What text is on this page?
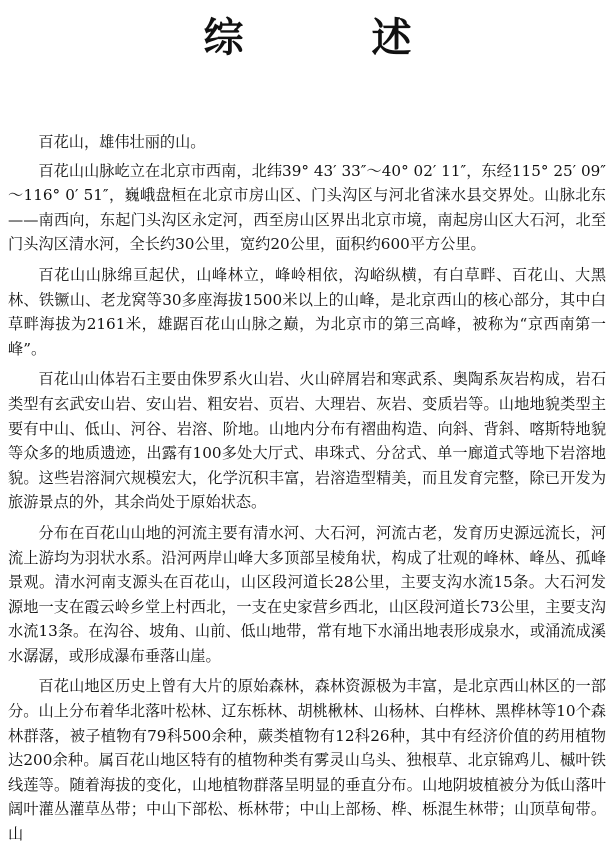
综　述

百花山，雄伟壮丽的山。

百花山山脉屹立在北京市西南，北纬39° 43′ 33″～40° 02′ 11″，东经115° 25′ 09″～116° 0′ 51″，巍峨盘桓在北京市房山区、门头沟区与河北省涞水县交界处。山脉北东——南西向，东起门头沟区永定河，西至房山区界出北京市境，南起房山区大石河，北至门头沟区清水河，全长约30公里，宽约20公里，面积约600平方公里。

百花山山脉绵亘起伏，山峰林立，峰岭相依，沟峪纵横，有白草畔、百花山、大黑林、铁镢山、老龙窝等30多座海拔1500米以上的山峰，是北京西山的核心部分，其中白草畔海拔为2161米，雄踞百花山山脉之巅，为北京市的第三高峰，被称为“京西南第一峰”。

百花山山体岩石主要由侏罗系火山岩、火山碎屑岩和寒武系、奥陶系灰岩构成，岩石类型有玄武安山岩、安山岩、粗安岩、页岩、大理岩、灰岩、变质岩等。山地地貌类型主要有中山、低山、河谷、岩溶、阶地。山地内分布有褶曲构造、向斜、背斜、喀斯特地貌等众多的地质遗迹，出露有100多处大厅式、串珠式、分岔式、单一廊道式等地下岩溶地貌。这些岩溶洞穴规模宏大，化学沉积丰富，岩溶造型精美，而且发育完整，除已开发为旅游景点的外，其余尚处于原始状态。

分布在百花山山地的河流主要有清水河、大石河，河流古老，发育历史源远流长，河流上游均为羽状水系。沿河两岸山峰大多顶部呈棱角状，构成了壮观的峰林、峰丛、孤峰景观。清水河南支源头在百花山，山区段河道长28公里，主要支沟水流15条。大石河发源地一支在霞云岭乡堂上村西北，一支在史家营乡西北，山区段河道长73公里，主要支沟水流13条。在沟谷、坡角、山前、低山地带，常有地下水涌出地表形成泉水，或涌流成溪水潺潺，或形成瀑布垂落山崖。

百花山地区历史上曾有大片的原始森林，森林资源极为丰富，是北京西山林区的一部分。山上分布着华北落叶松林、辽东栎林、胡桃楸林、山杨林、白桦林、黑桦林等10个森林群落，被子植物有79科500余种，蕨类植物有12科26种，其中有经济价值的药用植物达200余种。属百花山地区特有的植物种类有雾灵山乌头、独根草、北京锦鸡儿、槭叶铁线莲等。随着海拔的变化，山地植物群落呈明显的垂直分布。山地阴坡植被分为低山落叶阔叶灌丛灌草丛带；中山下部松、栎林带；中山上部杨、桦、栎混生林带；山顶草甸带。山
